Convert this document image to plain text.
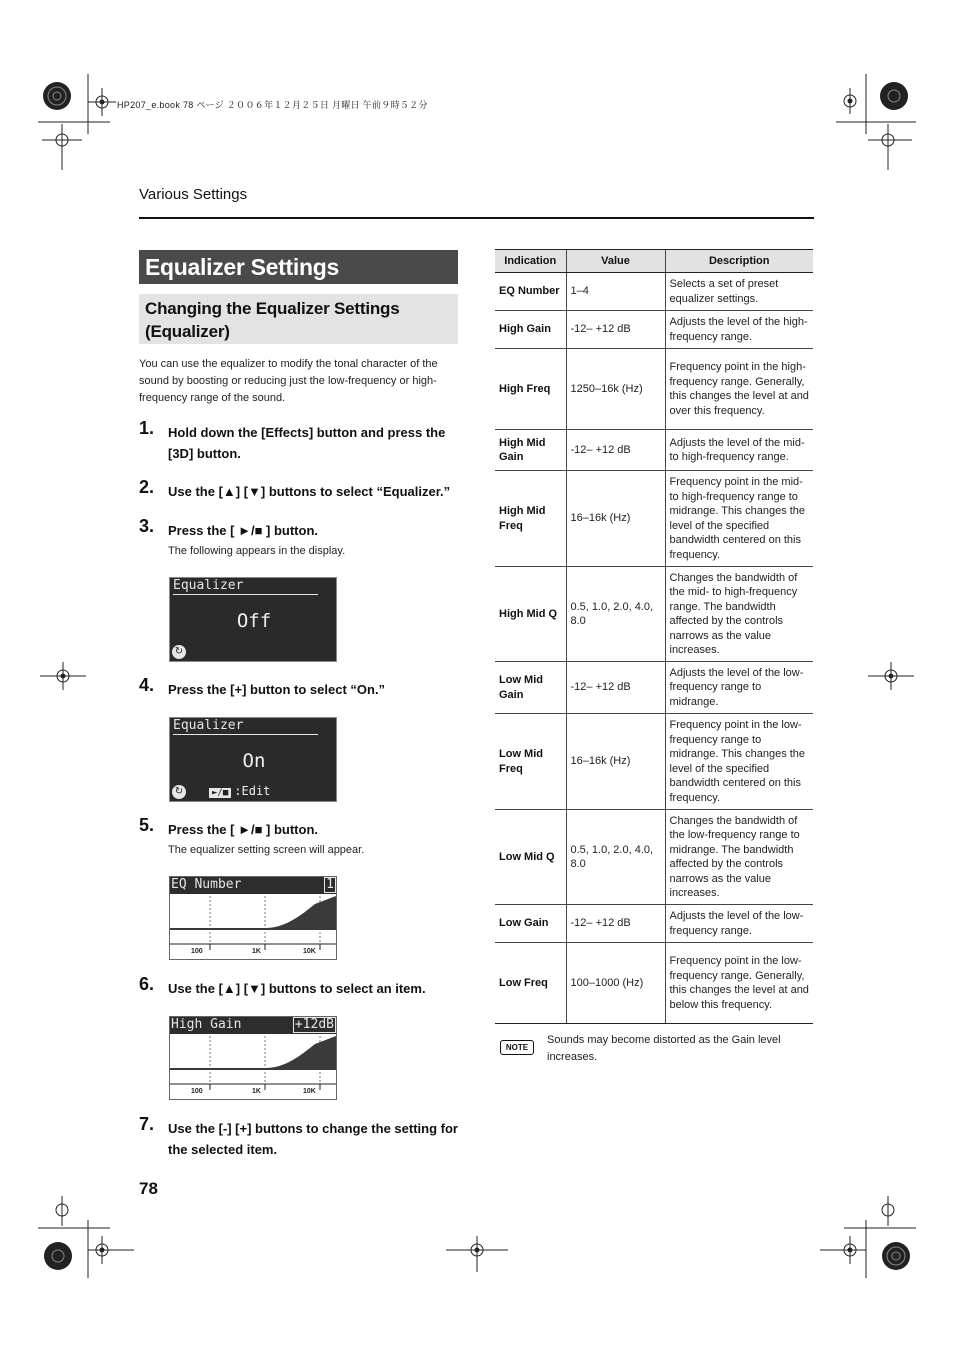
HP207_e.book 78 ページ ２００６年１２月２５日 月曜日 午前９時５２分
Various Settings
Equalizer Settings
Changing the Equalizer Settings (Equalizer)
You can use the equalizer to modify the tonal character of the sound by boosting or reducing just the low-frequency or high-frequency range of the sound.
1. Hold down the [Effects] button and press the [3D] button.
2. Use the [▲] [▼] buttons to select “Equalizer.”
3. Press the [ ►/■ ] button.
The following appears in the display.
Equalizer
Off
↻
4. Press the [+] button to select “On.”
Equalizer
On
↻	►/■ :Edit
5. Press the [ ►/■ ] button.
The equalizer setting screen will appear.
EQ Number	1
100	1K	10K
6. Use the [▲] [▼] buttons to select an item.
High Gain	+12dB
100	1K	10K
7. Use the [-] [+] buttons to change the setting for the selected item.
78
Indication	Value	Description
EQ Number	1–4	Selects a set of preset equalizer settings.
High Gain	-12– +12 dB	Adjusts the level of the high-frequency range.
High Freq	1250–16k (Hz)	Frequency point in the high-frequency range. Generally, this changes the level at and over this frequency.
High Mid Gain	-12– +12 dB	Adjusts the level of the mid- to high-frequency range.
High Mid Freq	16–16k (Hz)	Frequency point in the mid- to high-frequency range to midrange. This changes the level of the specified bandwidth centered on this frequency.
High Mid Q	0.5, 1.0, 2.0, 4.0, 8.0	Changes the bandwidth of the mid- to high-frequency range. The bandwidth affected by the controls narrows as the value increases.
Low Mid Gain	-12– +12 dB	Adjusts the level of the low-frequency range to midrange.
Low Mid Freq	16–16k (Hz)	Frequency point in the low-frequency range to midrange. This changes the level of the specified bandwidth centered on this frequency.
Low Mid Q	0.5, 1.0, 2.0, 4.0, 8.0	Changes the bandwidth of the low-frequency range to midrange. The bandwidth affected by the controls narrows as the value increases.
Low Gain	-12– +12 dB	Adjusts the level of the low-frequency range.
Low Freq	100–1000 (Hz)	Frequency point in the low-frequency range. Generally, this changes the level at and below this frequency.
NOTE
Sounds may become distorted as the Gain level increases.
